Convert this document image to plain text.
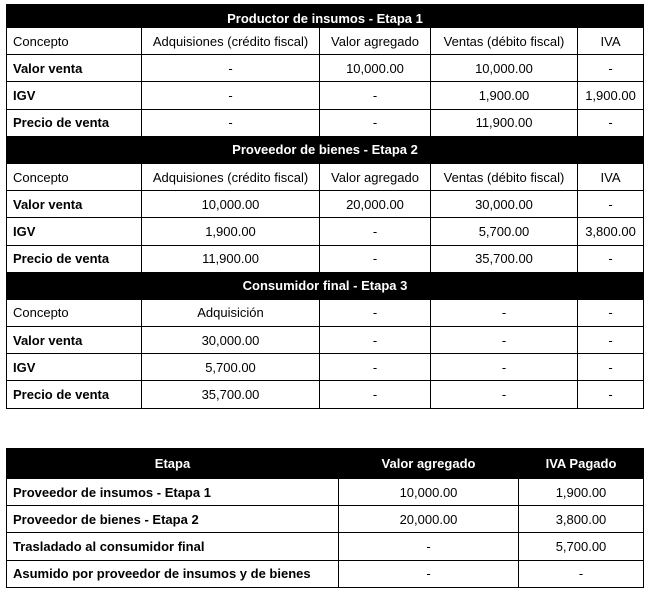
Productor de insumos - Etapa 1				
Concepto	Adquisiones (crédito fiscal)	Valor agregado	Ventas (débito fiscal)	IVA
Valor venta	-	10,000.00	10,000.00	-
IGV	-	-	1,900.00	1,900.00
Precio de venta	-	-	11,900.00	-
Proveedor de bienes - Etapa 2				
Concepto	Adquisiones (crédito fiscal)	Valor agregado	Ventas (débito fiscal)	IVA
Valor venta	10,000.00	20,000.00	30,000.00	-
IGV	1,900.00	-	5,700.00	3,800.00
Precio de venta	11,900.00	-	35,700.00	-
Consumidor final - Etapa 3				
Concepto	Adquisición	-	-	-
Valor venta	30,000.00	-	-	-
IGV	5,700.00	-	-	-
Precio de venta	35,700.00	-	-	-
Etapa	Valor agregado	IVA Pagado
Proveedor de insumos - Etapa 1	10,000.00	1,900.00
Proveedor de bienes - Etapa 2	20,000.00	3,800.00
Trasladado al consumidor final	-	5,700.00
Asumido por proveedor de insumos y de bienes	-	-
